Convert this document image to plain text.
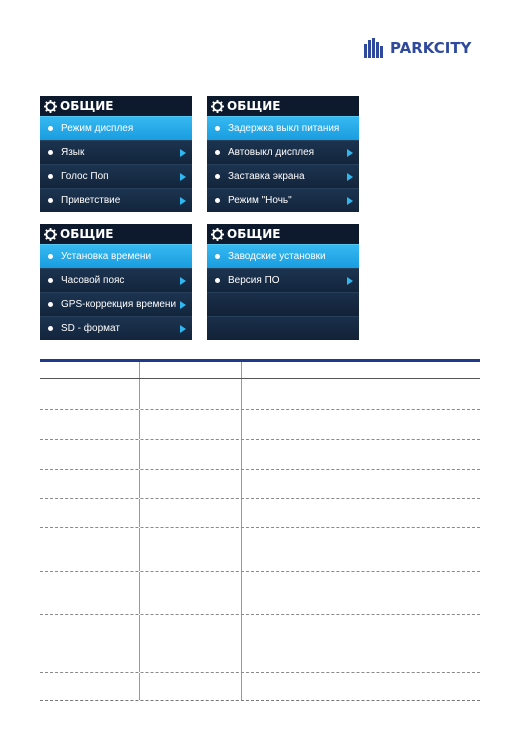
PARKCITY
ОБЩИЕ
Режим дисплея
Язык
Голос Поп
Приветствие
ОБЩИЕ
Задержка выкл питания
Автовыкл дисплея
Заставка экрана
Режим "Ночь"
ОБЩИЕ
Установка времени
Часовой пояс
GPS-коррекция времени
SD - формат
ОБЩИЕ
Заводские установки
Версия ПО
